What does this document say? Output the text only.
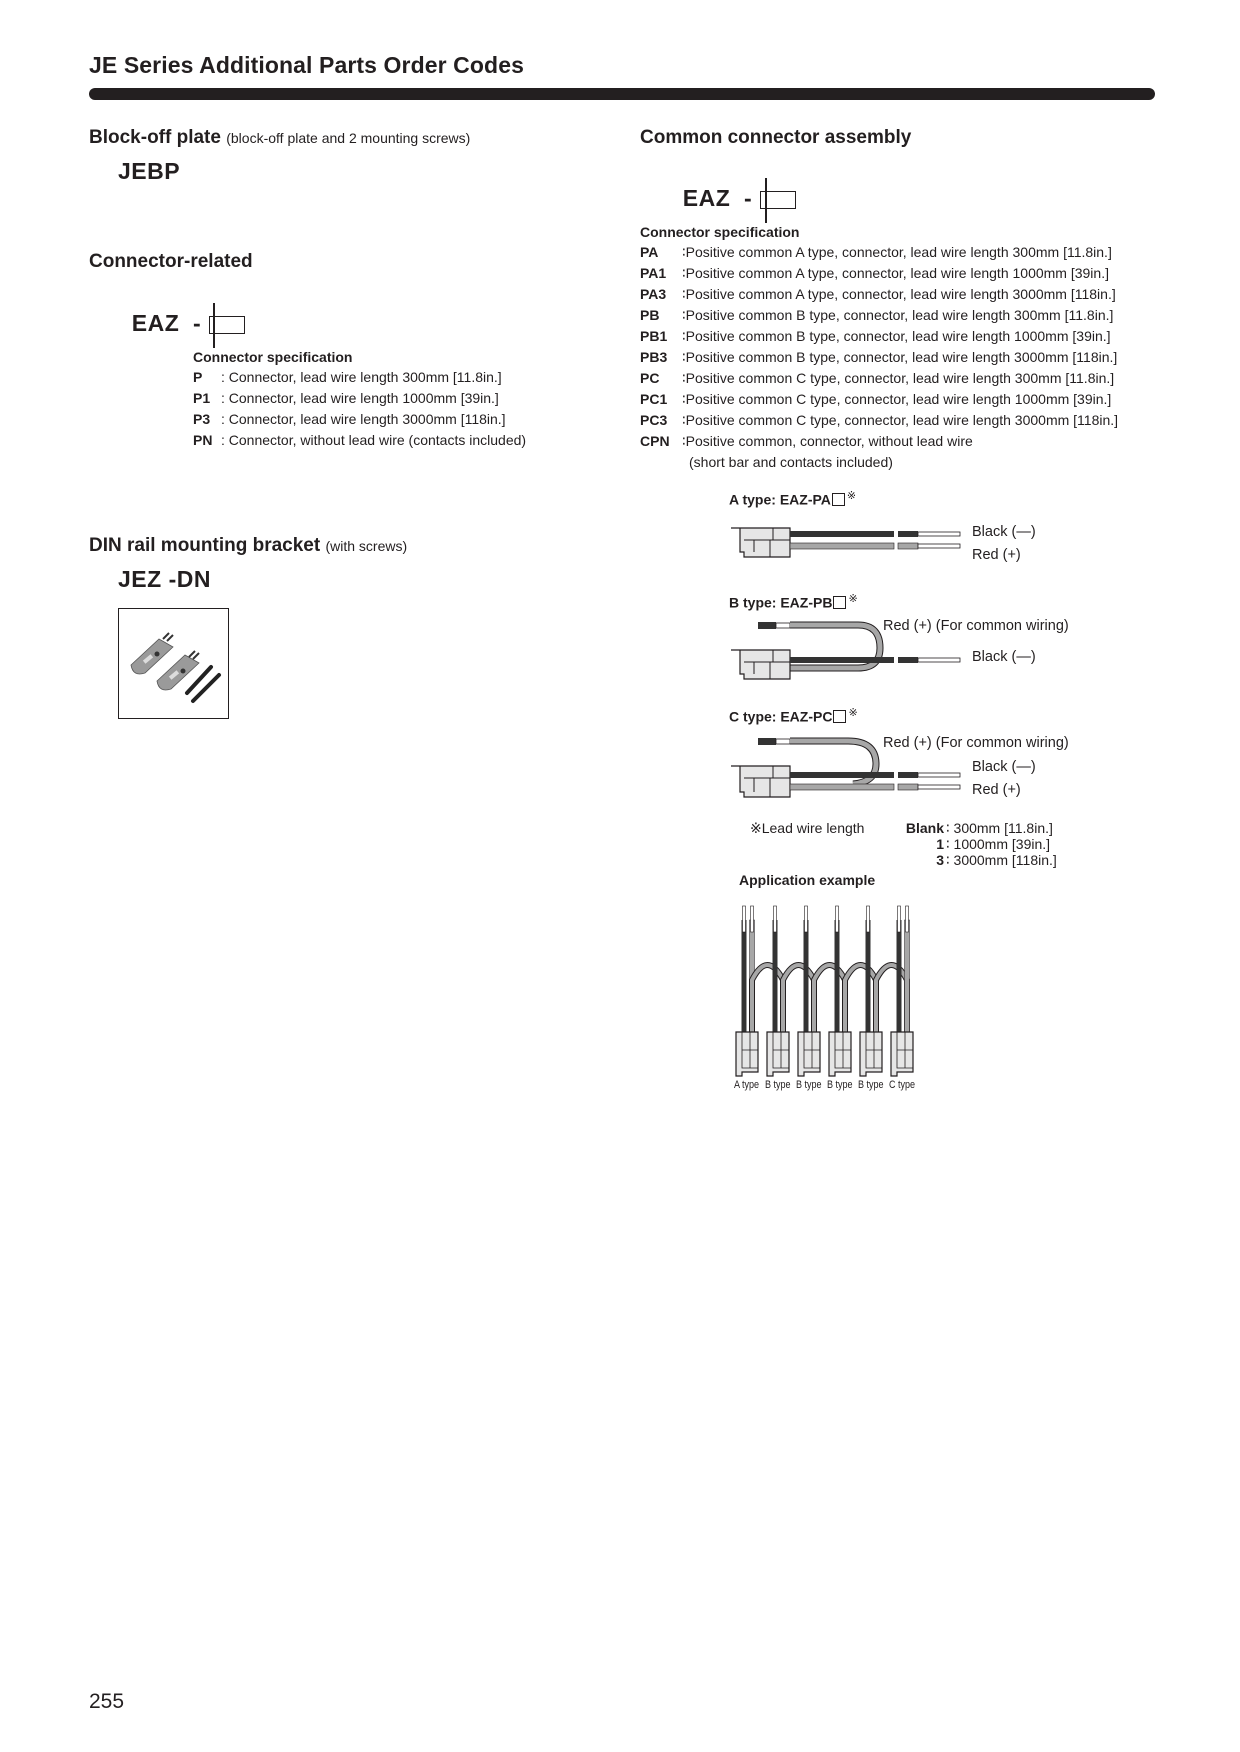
JE Series Additional Parts Order Codes
Block-off plate (block-off plate and 2 mounting screws)
JEBP
Connector-related

EAZ  -

Connector specification
P : Connector, lead wire length 300mm [11.8in.]
P1 : Connector, lead wire length 1000mm [39in.]
P3 : Connector, lead wire length 3000mm [118in.]
PN : Connector, without lead wire (contacts included)
DIN rail mounting bracket (with screws)
JEZ -DN
Common connector assembly

EAZ  -

Connector specification
PA ∶Positive common A type, connector, lead wire length 300mm [11.8in.]
PA1 ∶Positive common A type, connector, lead wire length 1000mm [39in.]
PA3 ∶Positive common A type, connector, lead wire length 3000mm [118in.]
PB ∶Positive common B type, connector, lead wire length 300mm [11.8in.]
PB1 ∶Positive common B type, connector, lead wire length 1000mm [39in.]
PB3 ∶Positive common B type, connector, lead wire length 3000mm [118in.]
PC ∶Positive common C type, connector, lead wire length 300mm [11.8in.]
PC1 ∶Positive common C type, connector, lead wire length 1000mm [39in.]
PC3 ∶Positive common C type, connector, lead wire length 3000mm [118in.]
CPN ∶Positive common, connector, without lead wire
(short bar and contacts included)
A type: EAZ-PA ※
Black (—)
Red (+)
B type: EAZ-PB ※
Red (+) (For common wiring)
Black (—)
C type: EAZ-PC ※
Red (+) (For common wiring)
Black (—)
Red (+)
※Lead wire length	Blank ∶ 300mm [11.8in.]
1 ∶ 1000mm [39in.]
3 ∶ 3000mm [118in.]
Application example
A type B type B type B type B type C type
255
